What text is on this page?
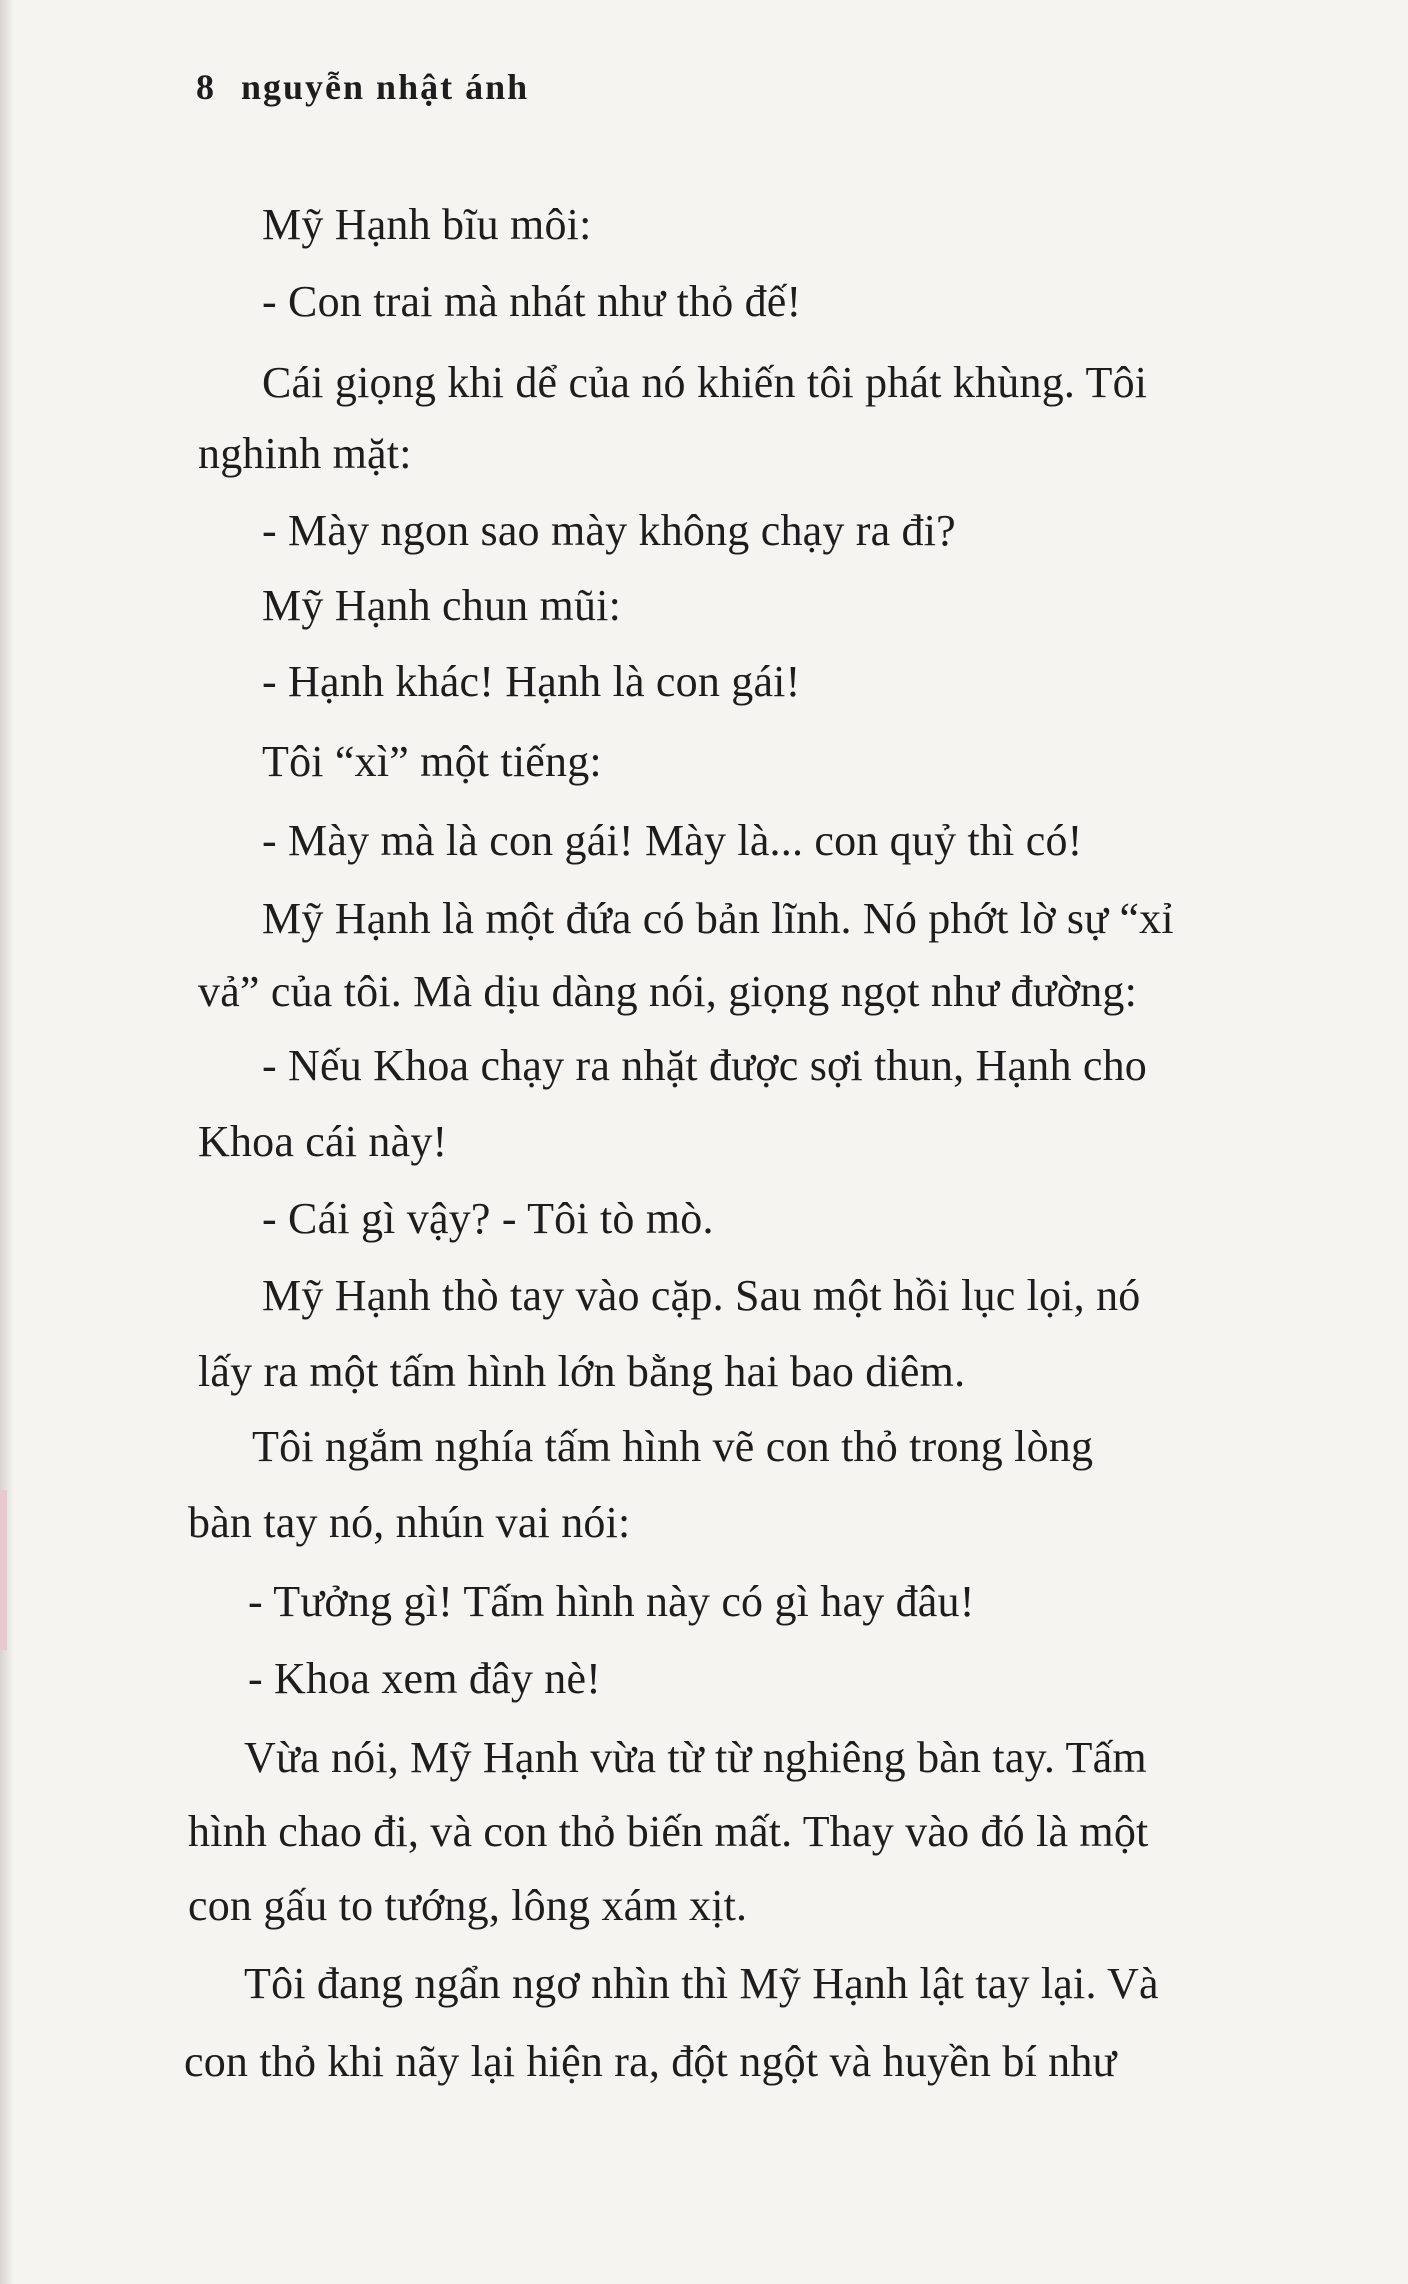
8 nguyễn nhật ánh
Mỹ Hạnh bĩu môi:
- Con trai mà nhát như thỏ đế!
Cái giọng khi dể của nó khiến tôi phát khùng. Tôi
nghinh mặt:
- Mày ngon sao mày không chạy ra đi?
Mỹ Hạnh chun mũi:
- Hạnh khác! Hạnh là con gái!
Tôi “xì” một tiếng:
- Mày mà là con gái! Mày là... con quỷ thì có!
Mỹ Hạnh là một đứa có bản lĩnh. Nó phớt lờ sự “xỉ
vả” của tôi. Mà dịu dàng nói, giọng ngọt như đường:
- Nếu Khoa chạy ra nhặt được sợi thun, Hạnh cho
Khoa cái này!
- Cái gì vậy? - Tôi tò mò.
Mỹ Hạnh thò tay vào cặp. Sau một hồi lục lọi, nó
lấy ra một tấm hình lớn bằng hai bao diêm.
Tôi ngắm nghía tấm hình vẽ con thỏ trong lòng
bàn tay nó, nhún vai nói:
- Tưởng gì! Tấm hình này có gì hay đâu!
- Khoa xem đây nè!
Vừa nói, Mỹ Hạnh vừa từ từ nghiêng bàn tay. Tấm
hình chao đi, và con thỏ biến mất. Thay vào đó là một
con gấu to tướng, lông xám xịt.
Tôi đang ngẩn ngơ nhìn thì Mỹ Hạnh lật tay lại. Và
con thỏ khi nãy lại hiện ra, đột ngột và huyền bí như
